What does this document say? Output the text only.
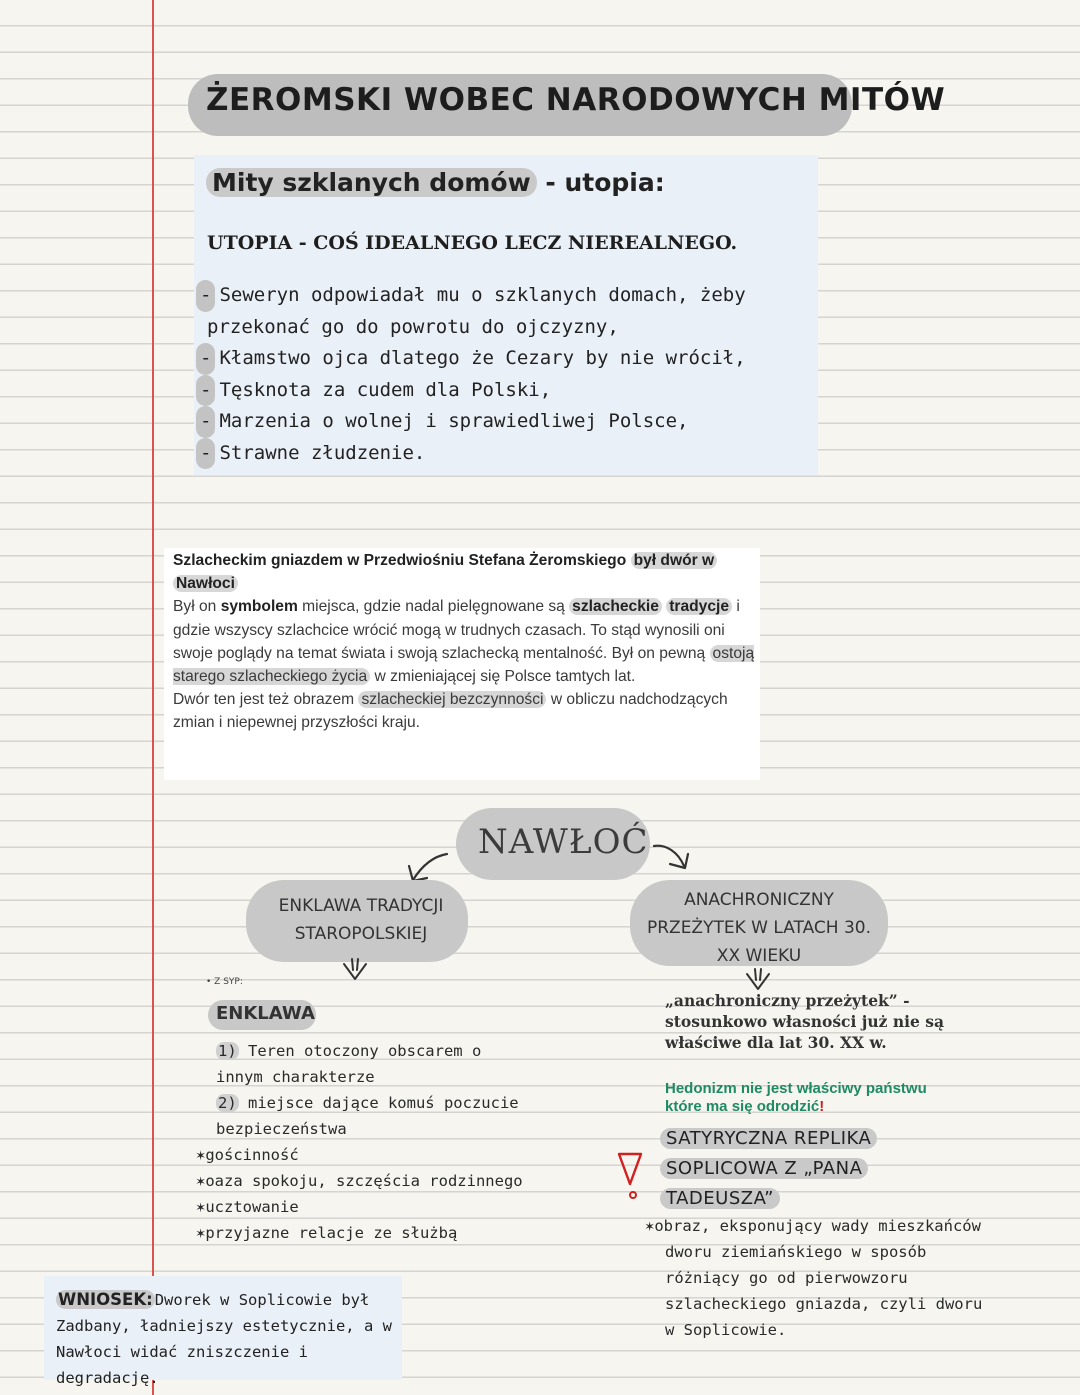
ŻEROMSKI WOBEC NARODOWYCH MITÓW
Mity szklanych domów - utopia:
UTOPIA - COŚ IDEALNEGO LECZ NIEREALNEGO.
- Seweryn odpowiadał mu o szklanych domach, żeby
przekonać go do powrotu do ojczyzny,
- Kłamstwo ojca dlatego że Cezary by nie wrócił,
- Tęsknota za cudem dla Polski,
- Marzenia o wolnej i sprawiedliwej Polsce,
- Strawne złudzenie.
Szlacheckim gniazdem w Przedwiośniu Stefana Żeromskiego był dwór w Nawłoci
Był on symbolem miejsca, gdzie nadal pielęgnowane są szlacheckie tradycje i gdzie wszyscy szlachcice wrócić mogą w trudnych czasach. To stąd wynosili oni swoje poglądy na temat świata i swoją szlachecką mentalność. Był on pewną ostoją starego szlacheckiego życia w zmieniającej się Polsce tamtych lat.
Dwór ten jest też obrazem szlacheckiej bezczynności w obliczu nadchodzących zmian i niepewnej przyszłości kraju.
NAWŁOĆ
ENKLAWA TRADYCJI
STAROPOLSKIEJ
ANACHRONICZNY
PRZEŻYTEK W LATACH 30.
XX WIEKU
• Z SYP:
ENKLAWA
1) Teren otoczony obscarem o innym charakterze
2) miejsce dające komuś poczucie bezpieczeństwa
✶gościnność
✶oaza spokoju, szczęścia rodzinnego
✶ucztowanie
✶przyjazne relacje ze służbą
„anachroniczny przeżytek” - stosunkowo własności już nie są właściwe dla lat 30. XX w.
Hedonizm nie jest właściwy państwu które ma się odrodzić!
SATYRYCZNA REPLIKA
SOPLICOWA Z „PANA
TADEUSZA”
✶obraz, eksponujący wady mieszkańców dworu ziemiańskiego w sposób różniący go od pierwowzoru szlacheckiego gniazda, czyli dworu w Soplicowie.
WNIOSEK: Dworek w Soplicowie był Zadbany, ładniejszy estetycznie, a w Nawłoci widać zniszczenie i degradację.
